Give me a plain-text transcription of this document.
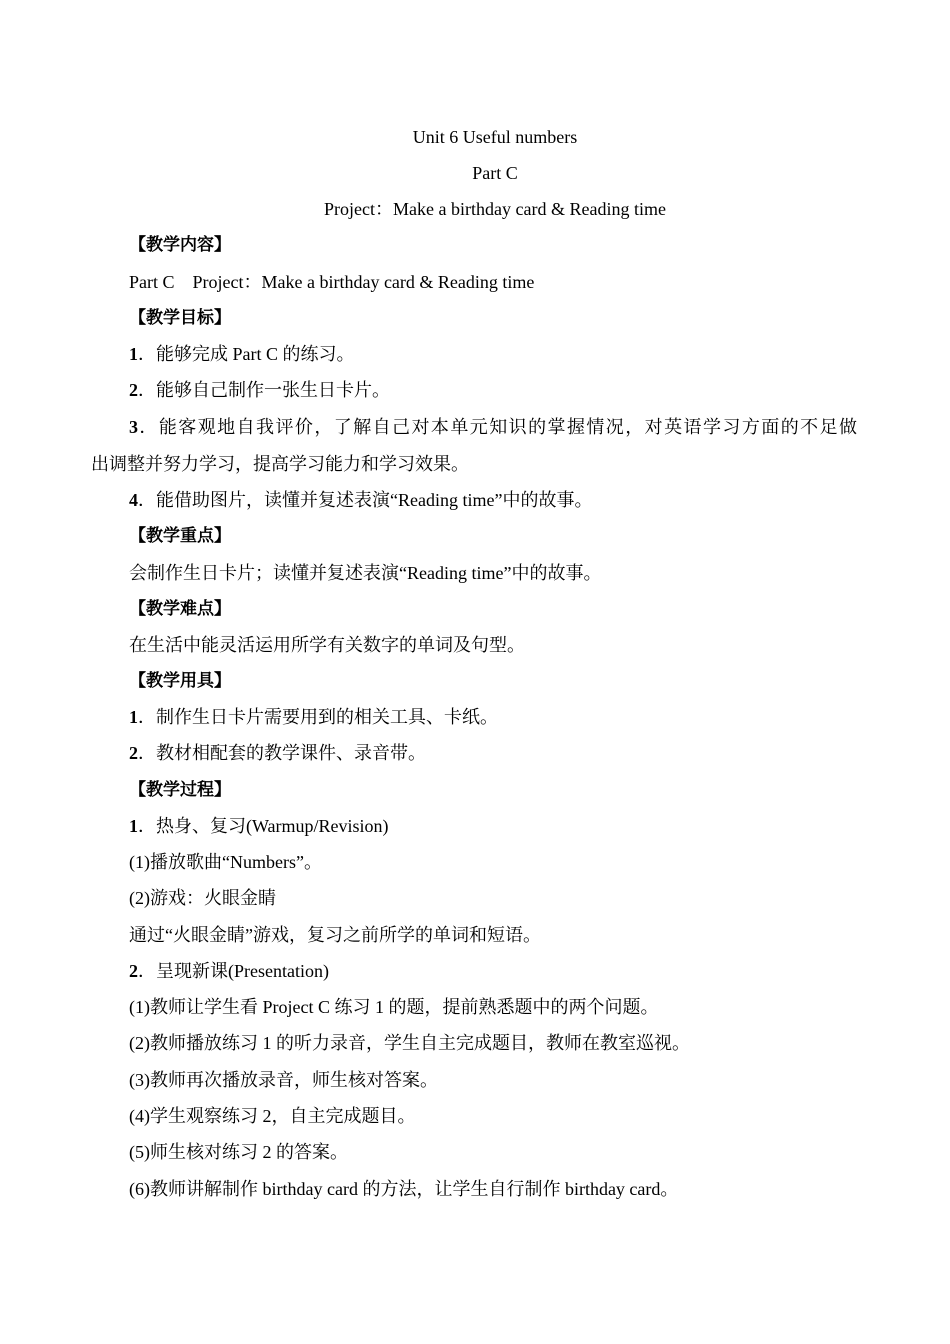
Unit 6 Useful numbers
Part C
Project：Make a birthday card & Reading time
【教学内容】
Part C　Project：Make a birthday card & Reading time
【教学目标】
1．能够完成 Part C 的练习。
2．能够自己制作一张生日卡片。
3．能客观地自我评价，了解自己对本单元知识的掌握情况，对英语学习方面的不足做
出调整并努力学习，提高学习能力和学习效果。
4．能借助图片，读懂并复述表演“Reading time”中的故事。
【教学重点】
会制作生日卡片；读懂并复述表演“Reading time”中的故事。
【教学难点】
在生活中能灵活运用所学有关数字的单词及句型。
【教学用具】
1．制作生日卡片需要用到的相关工具、卡纸。
2．教材相配套的教学课件、录音带。
【教学过程】
1．热身、复习(Warmup/Revision)
(1)播放歌曲“Numbers”。
(2)游戏：火眼金睛
通过“火眼金睛”游戏，复习之前所学的单词和短语。
2．呈现新课(Presentation)
(1)教师让学生看 Project C 练习 1 的题，提前熟悉题中的两个问题。
(2)教师播放练习 1 的听力录音，学生自主完成题目，教师在教室巡视。
(3)教师再次播放录音，师生核对答案。
(4)学生观察练习 2，自主完成题目。
(5)师生核对练习 2 的答案。
(6)教师讲解制作 birthday card 的方法，让学生自行制作 birthday card。
